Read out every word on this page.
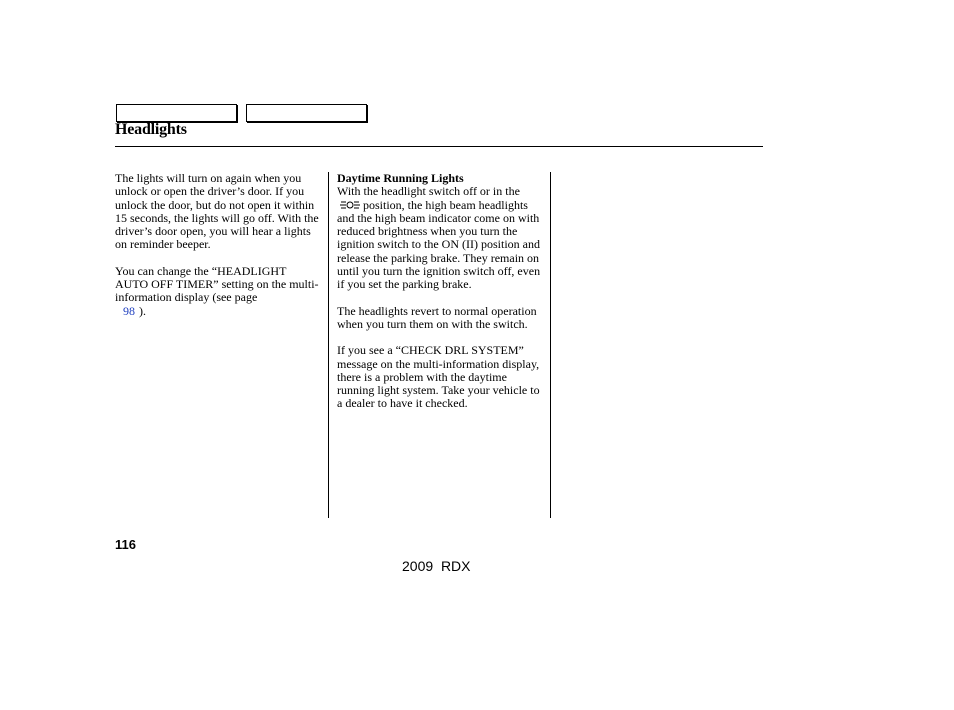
Headlights

The lights will turn on again when you unlock or open the driver’s door. If you unlock the door, but do not open it within 15 seconds, the lights will go off. With the driver’s door open, you will hear a lights on reminder beeper.

You can change the “HEADLIGHT AUTO OFF TIMER” setting on the multi-information display (see page
98 ).

Daytime Running Lights
With the headlight switch off or in theposition, the high beam headlights and the high beam indicator come on with reduced brightness when you turn the ignition switch to the ON (II) position and release the parking brake. They remain on until you turn the ignition switch off, even if you set the parking brake.

The headlights revert to normal operation when you turn them on with the switch.

If you see a “CHECK DRL SYSTEM” message on the multi-information display, there is a problem with the daytime running light system. Take your vehicle to a dealer to have it checked.

116
2009 RDX
